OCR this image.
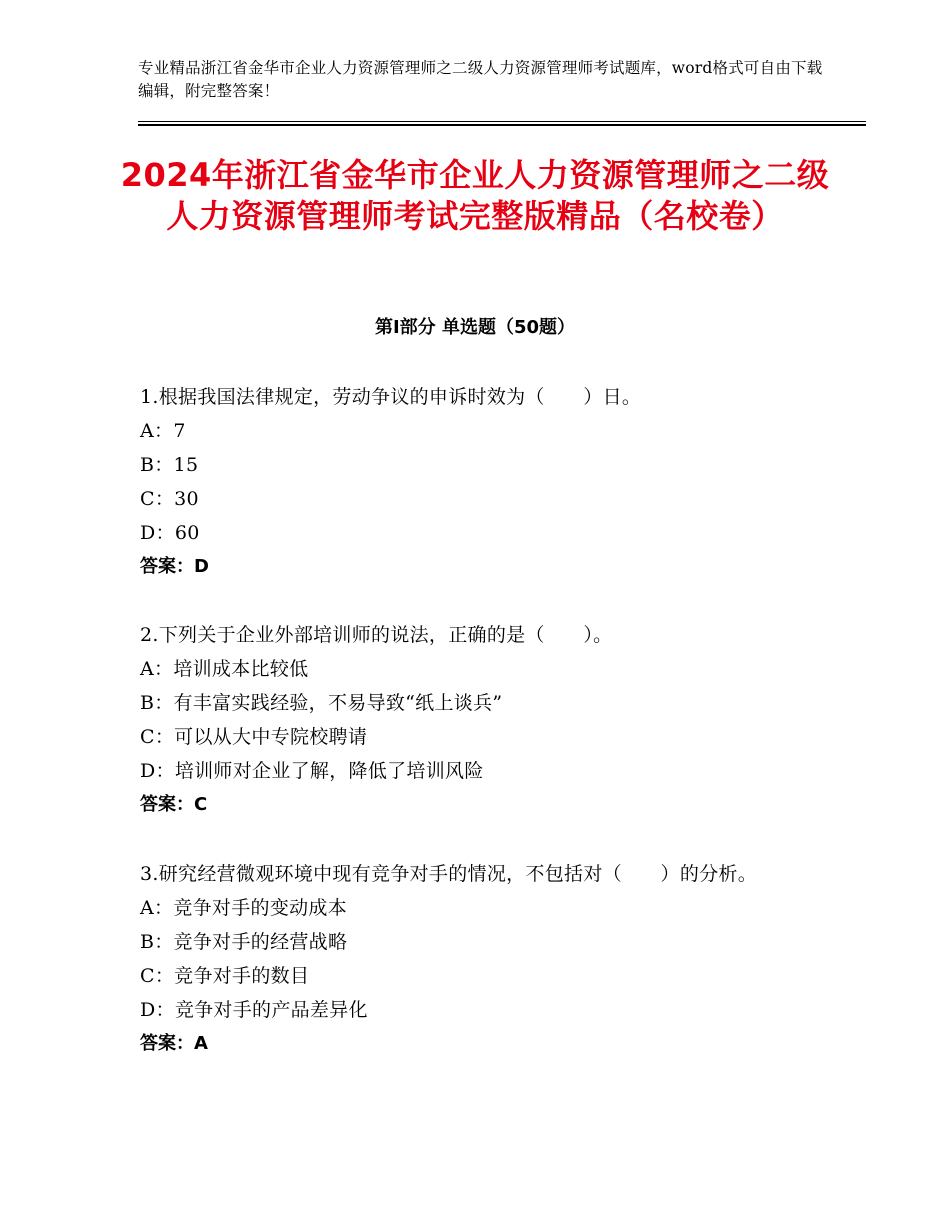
专业精品浙江省金华市企业人力资源管理师之二级人力资源管理师考试题库，word格式可自由下载编辑，附完整答案！
2024年浙江省金华市企业人力资源管理师之二级人力资源管理师考试完整版精品（名校卷）
第Ⅰ部分 单选题（50题）
1.根据我国法律规定，劳动争议的申诉时效为（　　）日。
A：7
B：15
C：30
D：60
答案：D
2.下列关于企业外部培训师的说法，正确的是（　　）。
A：培训成本比较低
B：有丰富实践经验，不易导致“纸上谈兵”
C：可以从大中专院校聘请
D：培训师对企业了解，降低了培训风险
答案：C
3.研究经营微观环境中现有竞争对手的情况，不包括对（　　）的分析。
A：竞争对手的变动成本
B：竞争对手的经营战略
C：竞争对手的数目
D：竞争对手的产品差异化
答案：A
